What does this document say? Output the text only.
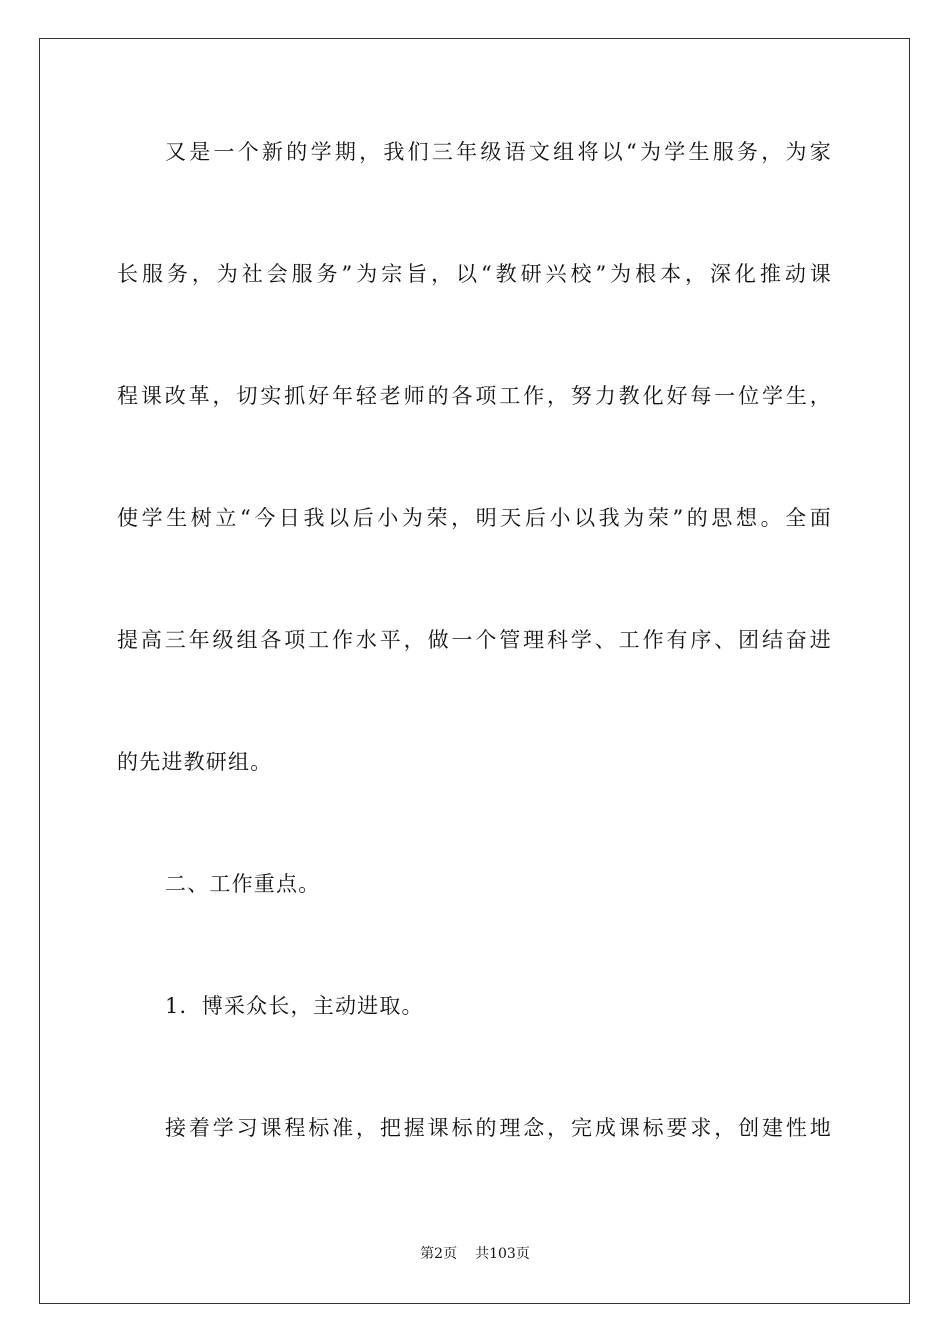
又是一个新的学期，我们三年级语文组将以“为学生服务，为家
长服务，为社会服务”为宗旨，以“教研兴校”为根本，深化推动课
程课改革，切实抓好年轻老师的各项工作，努力教化好每一位学生，
使学生树立“今日我以后小为荣，明天后小以我为荣”的思想。全面
提高三年级组各项工作水平，做一个管理科学、工作有序、团结奋进
的先进教研组。
二、工作重点。
1．博采众长，主动进取。
接着学习课程标准，把握课标的理念，完成课标要求，创建性地
第2页 共103页
